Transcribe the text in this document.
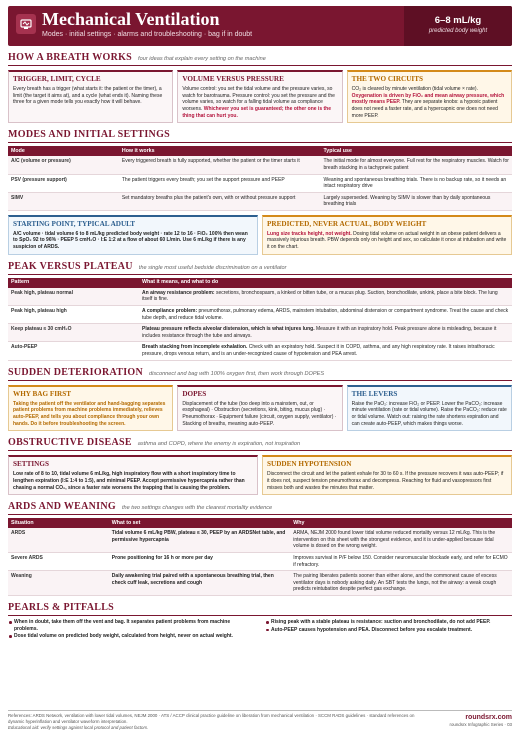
Mechanical Ventilation
Modes · initial settings · alarms and troubleshooting · bag if in doubt
6–8 mL/kg
predicted body weight
HOW A BREATH WORKS four ideas that explain every setting on the machine
TRIGGER, LIMIT, CYCLE
Every breath has a trigger (what starts it: the patient or the timer), a limit (the target it aims at), and a cycle (what ends it). Naming these three for a given mode tells you exactly how it will behave.
VOLUME VERSUS PRESSURE
Volume control: you set the tidal volume and the pressure varies, so watch for barotrauma. Pressure control: you set the pressure and the volume varies, so watch for a falling tidal volume as compliance worsens. Whichever you set is guaranteed; the other one is the thing that can hurt you.
THE TWO CIRCUITS
CO₂ is cleared by minute ventilation (tidal volume × rate). Oxygenation is driven by FiO₂ and mean airway pressure, which mostly means PEEP. They are separate knobs: a hypoxic patient does not need a faster rate, and a hypercapnic one does not need more PEEP.
MODES AND INITIAL SETTINGS
Mode	How it works	Typical use
A/C (volume or pressure)	Every triggered breath is fully supported, whether the patient or the timer starts it	The initial mode for almost everyone. Full rest for the respiratory muscles. Watch for breath stacking in a tachypneic patient
PSV (pressure support)	The patient triggers every breath; you set the support pressure and PEEP	Weaning and spontaneous breathing trials. There is no backup rate, so it needs an intact respiratory drive
SIMV	Set mandatory breaths plus the patient's own, with or without pressure support	Largely superseded. Weaning by SIMV is slower than by daily spontaneous breathing trials
STARTING POINT, TYPICAL ADULT
A/C volume · tidal volume 6 to 8 mL/kg predicted body weight · rate 12 to 16 · FiO₂ 100% then wean to SpO₂ 92 to 96% · PEEP 5 cmH₂O · I:E 1:2 at a flow of about 60 L/min. Use 6 mL/kg if there is any suspicion of ARDS.
PREDICTED, NEVER ACTUAL, BODY WEIGHT
Lung size tracks height, not weight. Dosing tidal volume on actual weight in an obese patient delivers a massively injurious breath. PBW depends only on height and sex, so calculate it once at intubation and write it on the chart.
PEAK VERSUS PLATEAU the single most useful bedside discrimination on a ventilator
Pattern	What it means, and what to do
Peak high, plateau normal	An airway resistance problem: secretions, bronchospasm, a kinked or bitten tube, or a mucus plug. Suction, bronchodilate, unkink, place a bite block. The lung itself is fine.
Peak high, plateau high	A compliance problem: pneumothorax, pulmonary edema, ARDS, mainstem intubation, abdominal distension or compartment syndrome. Treat the cause and check tube depth, and reduce tidal volume.
Keep plateau ≤ 30 cmH₂O	Plateau pressure reflects alveolar distension, which is what injures lung. Measure it with an inspiratory hold. Peak pressure alone is misleading, because it includes resistance through the tube and airways.
Auto-PEEP	Breath stacking from incomplete exhalation. Check with an expiratory hold. Suspect it in COPD, asthma, and any high respiratory rate. It raises intrathoracic pressure, drops venous return, and is an under-recognized cause of hypotension and PEA arrest.
SUDDEN DETERIORATION disconnect and bag with 100% oxygen first, then work through DOPES
WHY BAG FIRST
Taking the patient off the ventilator and hand-bagging separates patient problems from machine problems immediately, relieves auto-PEEP, and tells you about compliance through your own hands. Do it before troubleshooting the screen.
DOPES
Displacement of the tube (too deep into a mainstem, out, or esophageal) · Obstruction (secretions, kink, biting, mucus plug) · Pneumothorax · Equipment failure (circuit, oxygen supply, ventilator) · Stacking of breaths, meaning auto-PEEP.
THE LEVERS
Raise the PaO₂: increase FiO₂ or PEEP. Lower the PaCO₂: increase minute ventilation (rate or tidal volume). Raise the PaCO₂: reduce rate or tidal volume. Watch out: raising the rate shortens expiration and can create auto-PEEP, which makes things worse.
OBSTRUCTIVE DISEASE asthma and COPD, where the enemy is expiration, not inspiration
SETTINGS
Low rate of 8 to 10, tidal volume 6 mL/kg, high inspiratory flow with a short inspiratory time to lengthen expiration (I:E 1:4 to 1:5), and minimal PEEP. Accept permissive hypercapnia rather than chasing a normal CO₂, since a faster rate worsens the trapping that is causing the problem.
SUDDEN HYPOTENSION
Disconnect the circuit and let the patient exhale for 30 to 60 s. If the pressure recovers it was auto-PEEP; if it does not, suspect tension pneumothorax and decompress. Reaching for fluid and vasopressors first misses both and wastes the minutes that matter.
ARDS AND WEANING the two settings changes with the clearest mortality evidence
Situation	What to set	Why
ARDS	Tidal volume 6 mL/kg PBW, plateau ≤ 30, PEEP by an ARDSNet table, and permissive hypercapnia	ARMA, NEJM 2000 found lower tidal volume reduced mortality versus 12 mL/kg. This is the intervention on this sheet with the strongest evidence, and it is under-applied because tidal volume is dosed on the wrong weight.
Severe ARDS	Prone positioning for 16 h or more per day	Improves survival in P/F below 150. Consider neuromuscular blockade early, and refer for ECMO if refractory.
Weaning	Daily awakening trial paired with a spontaneous breathing trial, then check cuff leak, secretions and cough	The pairing liberates patients sooner than either alone, and the commonest cause of excess ventilator days is nobody asking daily. An SBT tests the lungs, not the airway: a weak cough predicts reintubation despite perfect gas exchange.
PEARLS & PITFALLS
When in doubt, take them off the vent and bag. It separates patient problems from machine problems.
Dose tidal volume on predicted body weight, calculated from height, never on actual weight.
Rising peak with a stable plateau is resistance: suction and bronchodilate, do not add PEEP.
Auto-PEEP causes hypotension and PEA. Disconnect before you escalate treatment.
References: ARDS Network, ventilation with lower tidal volumes, NEJM 2000 · ATS / ACCP clinical practice guideline on liberation from mechanical ventilation · SCCM RADS guidelines · standard references on dynamic hyperinflation and ventilator waveform interpretation.
Educational aid: verify settings against local protocol and patient factors.
roundsrx.com
roundsrx Infographic Series · 03
